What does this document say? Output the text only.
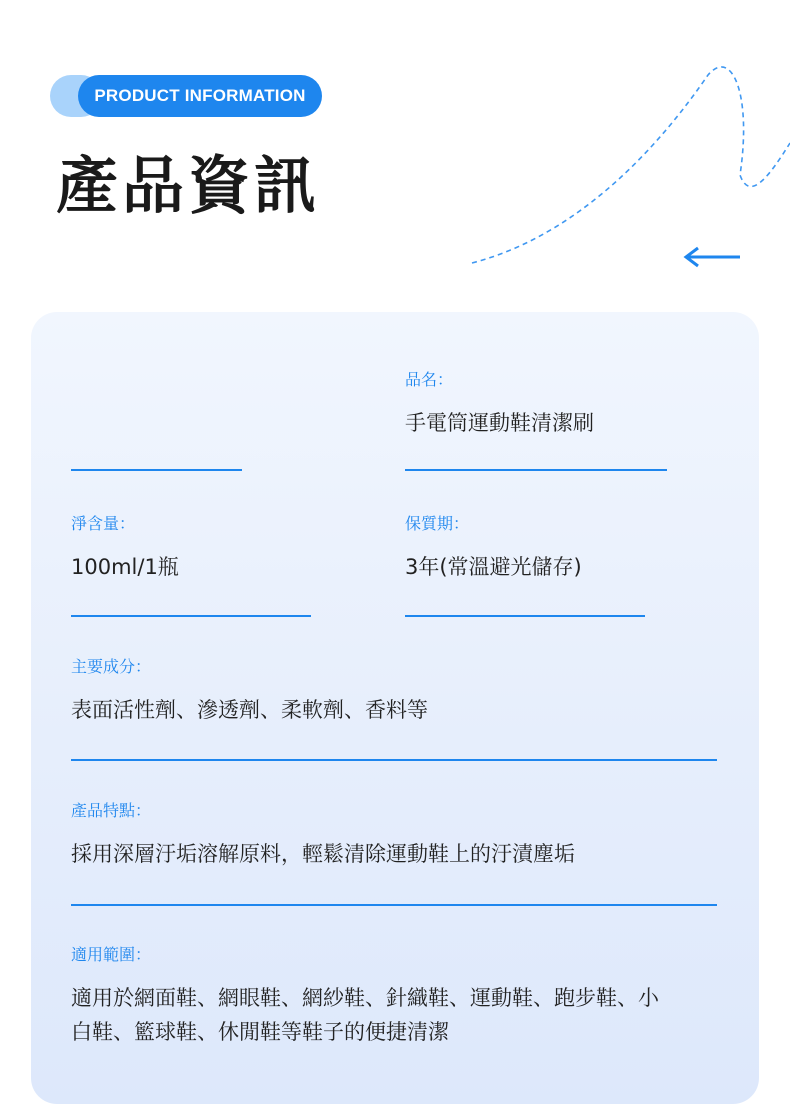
PRODUCT INFORMATION
產品資訊
品名：
手電筒運動鞋清潔刷
淨含量：
100ml/1瓶
保質期：
3年(常溫避光儲存)
主要成分：
表面活性劑、滲透劑、柔軟劑、香料等
產品特點：
採用深層汙垢溶解原料，輕鬆清除運動鞋上的汙漬塵垢
適用範圍：
適用於網面鞋、網眼鞋、網紗鞋、針織鞋、運動鞋、跑步鞋、小白鞋、籃球鞋、休閒鞋等鞋子的便捷清潔
